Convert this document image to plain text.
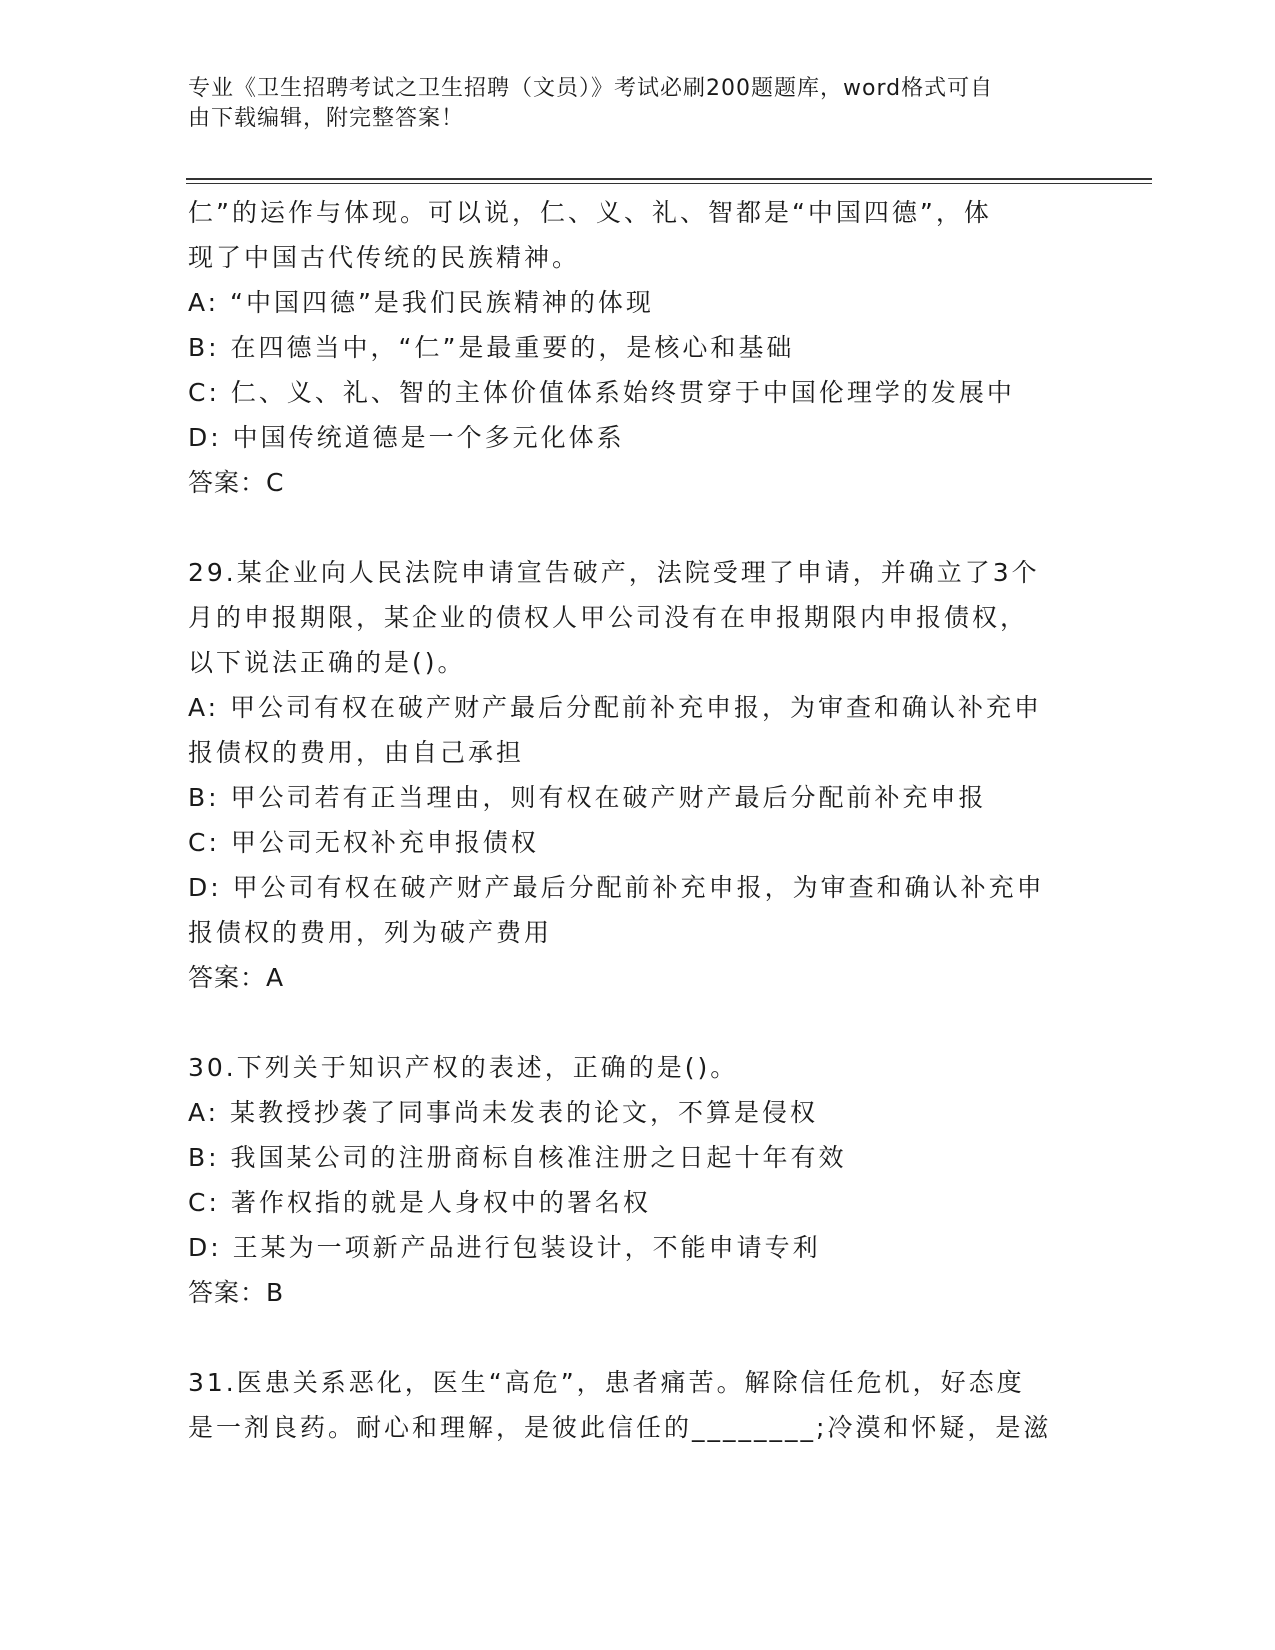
专业《卫生招聘考试之卫生招聘（文员）》考试必刷200题题库，word格式可自
由下载编辑，附完整答案！
仁”的运作与体现。可以说，仁、义、礼、智都是“中国四德”，体
现了中国古代传统的民族精神。
A: “中国四德”是我们民族精神的体现
B: 在四德当中，“仁”是最重要的，是核心和基础
C: 仁、义、礼、智的主体价值体系始终贯穿于中国伦理学的发展中
D: 中国传统道德是一个多元化体系
答案：C
29.某企业向人民法院申请宣告破产，法院受理了申请，并确立了3个
月的申报期限，某企业的债权人甲公司没有在申报期限内申报债权，
以下说法正确的是()。
A: 甲公司有权在破产财产最后分配前补充申报，为审查和确认补充申
报债权的费用，由自己承担
B: 甲公司若有正当理由，则有权在破产财产最后分配前补充申报
C: 甲公司无权补充申报债权
D: 甲公司有权在破产财产最后分配前补充申报，为审查和确认补充申
报债权的费用，列为破产费用
答案：A
30.下列关于知识产权的表述，正确的是()。
A: 某教授抄袭了同事尚未发表的论文，不算是侵权
B: 我国某公司的注册商标自核准注册之日起十年有效
C: 著作权指的就是人身权中的署名权
D: 王某为一项新产品进行包装设计，不能申请专利
答案：B
31.医患关系恶化，医生“高危”，患者痛苦。解除信任危机，好态度
是一剂良药。耐心和理解，是彼此信任的________;冷漠和怀疑，是滋
